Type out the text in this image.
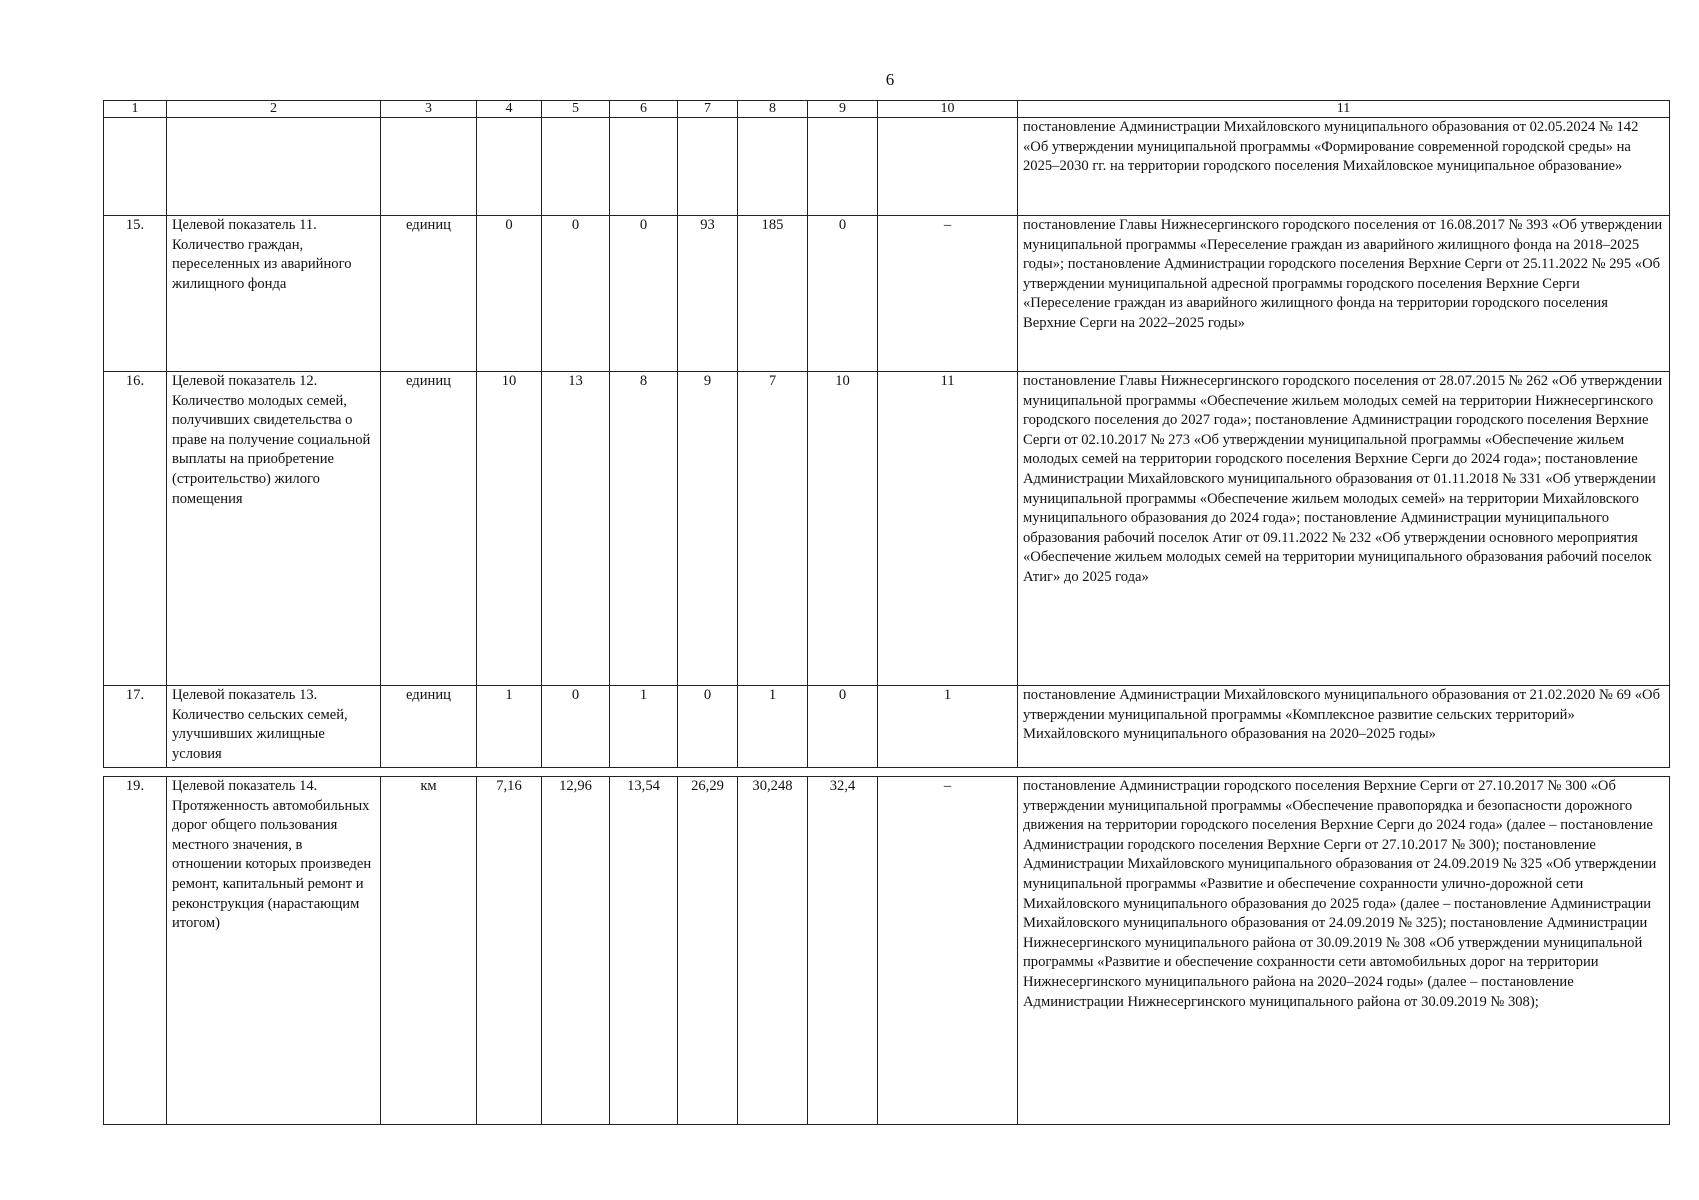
6
1	2	3	4	5	6	7	8	9	10	11
										постановление Администрации Михайловского муниципального образования от 02.05.2024 № 142 «Об утверждении муниципальной программы «Формирование современной городской среды» на 2025–2030 гг. на территории городского поселения Михайловское муниципальное образование»
15.	Целевой показатель 11. Количество граждан, переселенных из аварийного жилищного фонда	единиц	0	0	0	93	185	0	–	постановление Главы Нижнесергинского городского поселения от 16.08.2017 № 393 «Об утверждении муниципальной программы «Переселение граждан из аварийного жилищного фонда на 2018–2025 годы»; постановление Администрации городского поселения Верхние Серги от 25.11.2022 № 295 «Об утверждении муниципальной адресной программы городского поселения Верхние Серги «Переселение граждан из аварийного жилищного фонда на территории городского поселения Верхние Серги на 2022–2025 годы»
16.	Целевой показатель 12. Количество молодых семей, получивших свидетельства о праве на получение социальной выплаты на приобретение (строительство) жилого помещения	единиц	10	13	8	9	7	10	11	постановление Главы Нижнесергинского городского поселения от 28.07.2015 № 262 «Об утверждении муниципальной программы «Обеспечение жильем молодых семей на территории Нижнесергинского городского поселения до 2027 года»; постановление Администрации городского поселения Верхние Серги от 02.10.2017 № 273 «Об утверждении муниципальной программы «Обеспечение жильем молодых семей на территории городского поселения Верхние Серги до 2024 года»; постановление Администрации Михайловского муниципального образования от 01.11.2018 № 331 «Об утверждении муниципальной программы «Обеспечение жильем молодых семей» на территории Михайловского муниципального образования до 2024 года»; постановление Администрации муниципального образования рабочий поселок Атиг от 09.11.2022 № 232 «Об утверждении основного мероприятия «Обеспечение жильем молодых семей на территории муниципального образования рабочий поселок Атиг» до 2025 года»
17.	Целевой показатель 13. Количество сельских семей, улучшивших жилищные условия	единиц	1	0	1	0	1	0	1	постановление Администрации Михайловского муниципального образования от 21.02.2020 № 69 «Об утверждении муниципальной программы «Комплексное развитие сельских территорий» Михайловского муниципального образования на 2020–2025 годы»

19.	Целевой показатель 14. Протяженность автомобильных дорог общего пользования местного значения, в отношении которых произведен ремонт, капитальный ремонт и реконструкция (нарастающим итогом)	км	7,16	12,96	13,54	26,29	30,248	32,4	–	постановление Администрации городского поселения Верхние Серги от 27.10.2017 № 300 «Об утверждении муниципальной программы «Обеспечение правопорядка и безопасности дорожного движения на территории городского поселения Верхние Серги до 2024 года» (далее – постановление Администрации городского поселения Верхние Серги от 27.10.2017 № 300); постановление Администрации Михайловского муниципального образования от 24.09.2019 № 325 «Об утверждении муниципальной программы «Развитие и обеспечение сохранности улично-дорожной сети Михайловского муниципального образования до 2025 года» (далее – постановление Администрации Михайловского муниципального образования от 24.09.2019 № 325); постановление Администрации Нижнесергинского муниципального района от 30.09.2019 № 308 «Об утверждении муниципальной программы «Развитие и обеспечение сохранности сети автомобильных дорог на территории Нижнесергинского муниципального района на 2020–2024 годы» (далее – постановление Администрации Нижнесергинского муниципального района от 30.09.2019 № 308);
